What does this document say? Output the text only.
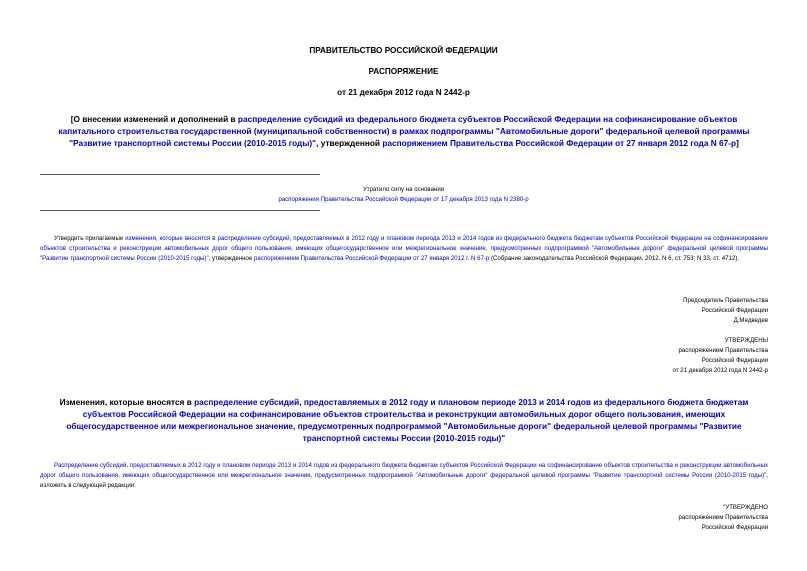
ПРАВИТЕЛЬСТВО РОССИЙСКОЙ ФЕДЕРАЦИИ
РАСПОРЯЖЕНИЕ
от 21 декабря 2012 года N 2442-р
[О внесении изменений и дополнений в распределение субсидий из федерального бюджета субъектов Российской Федерации на софинансирование объектов капитального строительства государственной (муниципальной собственности) в рамках подпрограммы "Автомобильные дороги" федеральной целевой программы "Развитие транспортной системы России (2010-2015 годы)", утвержденной распоряжением Правительства Российской Федерации от 27 января 2012 года N 67-р]
Утратило силу на основании
распоряжения Правительства Российской Федерации от 17 декабря 2013 года N 2380-р
Утвердить прилагаемые изменения, которые вносятся в распределение субсидий, предоставляемых в 2012 году и плановом периода 2013 и 2014 годов из федерального бюджета бюджетам субъектов Российской Федерации на софинансирование объектов строительства и реконструкции автомобильных дорог общего пользования, имеющих общегосударственное или межрегиональное значение, предусмотренных подпрограммой "Автомобильные дороги" федеральной целевой программы "Развитие транспортной системы России (2010-2015 годы)", утвержденное распоряжением Правительства Российской Федерации от 27 января 2012 г. N 67-р (Собрание законодательства Российской Федерации, 2012, N 6, ст. 753; N 33, ст. 4712).
Председатель Правительства
Российской Федерации
Д.Медведев
УТВЕРЖДЕНЫ
распоряжением Правительства
Российской Федерации
от 21 декабря 2012 года N 2442-р
Изменения, которые вносятся в распределение субсидий, предоставляемых в 2012 году и плановом периоде 2013 и 2014 годов из федерального бюджета бюджетам субъектов Российской Федерации на софинансирование объектов строительства и реконструкции автомобильных дорог общего пользования, имеющих общегосударственное или межрегиональное значение, предусмотренных подпрограммой "Автомобильные дороги" федеральной целевой программы "Развитие транспортной системы России (2010-2015 годы)"
Распределение субсидий, предоставляемых в 2012 году и плановом периоде 2013 и 2014 годов из федерального бюджета бюджетам субъектов Российской Федерации на софинансирование объектов строительства и реконструкции автомобильных дорог общего пользования, имеющих общегосударственное или межрегиональное значение, предусмотренных подпрограммой "Автомобильные дороги" федеральной целевой программы "Развитие транспортной системы России (2010-2015 годы)", изложить в следующей редакции:
"УТВЕРЖДЕНО
распоряжением Правительства
Российской Федерации
